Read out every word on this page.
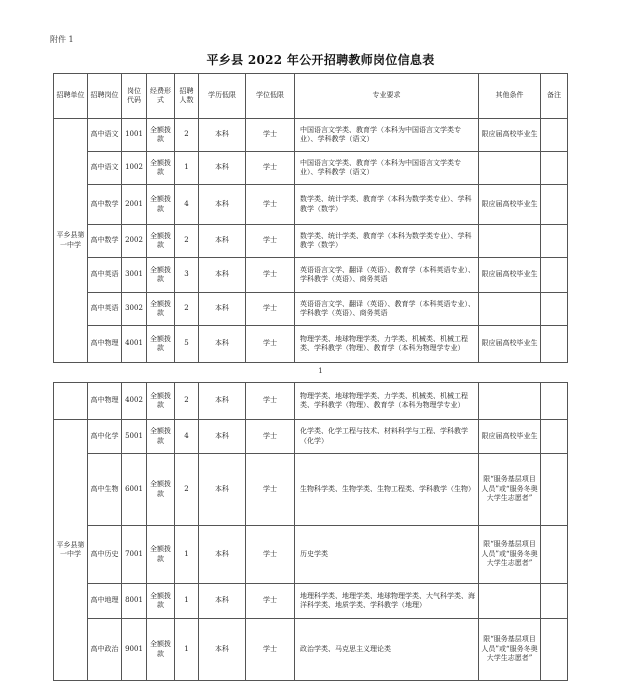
附件 1
平乡县 2022 年公开招聘教师岗位信息表
招聘单位	招聘岗位	岗位代码	经费形式	招聘人数	学历低限	学位低限	专业要求	其他条件	备注
平乡县第一中学	高中语文	1001	全额拨款	2	本科	学士	中国语言文学类、教育学（本科为中国语言文学类专业）、学科教学（语文）	限应届高校毕业生	
	高中语文	1002	全额拨款	1	本科	学士	中国语言文学类、教育学（本科为中国语言文学类专业）、学科教学（语文）		
	高中数学	2001	全额拨款	4	本科	学士	数学类、统计学类、教育学（本科为数学类专业）、学科教学（数学）	限应届高校毕业生	
	高中数学	2002	全额拨款	2	本科	学士	数学类、统计学类、教育学（本科为数学类专业）、学科教学（数学）		
	高中英语	3001	全额拨款	3	本科	学士	英语语言文学、翻译（英语）、教育学（本科英语专业）、学科教学（英语）、商务英语	限应届高校毕业生	
	高中英语	3002	全额拨款	2	本科	学士	英语语言文学、翻译（英语）、教育学（本科英语专业）、学科教学（英语）、商务英语		
	高中物理	4001	全额拨款	5	本科	学士	物理学类、地球物理学类、力学类、机械类、机械工程类、学科教学（物理）、教育学（本科为物理学专业）	限应届高校毕业生	
1
	高中物理	4002	全额拨款	2	本科	学士	物理学类、地球物理学类、力学类、机械类、机械工程类、学科教学（物理）、教育学（本科为物理学专业）		
平乡县第一中学	高中化学	5001	全额拨款	4	本科	学士	化学类、化学工程与技术、材料科学与工程、学科教学（化学）	限应届高校毕业生	
	高中生物	6001	全额拨款	2	本科	学士	生物科学类、生物学类、生物工程类、学科教学（生物）	限“服务基层项目人员”或“服务冬奥大学生志愿者”	
	高中历史	7001	全额拨款	1	本科	学士	历史学类	限“服务基层项目人员”或“服务冬奥大学生志愿者”	
	高中地理	8001	全额拨款	1	本科	学士	地理科学类、地理学类、地球物理学类、大气科学类、海洋科学类、地质学类、学科教学（地理）		
	高中政治	9001	全额拨款	1	本科	学士	政治学类、马克思主义理论类	限“服务基层项目人员”或“服务冬奥大学生志愿者”	
